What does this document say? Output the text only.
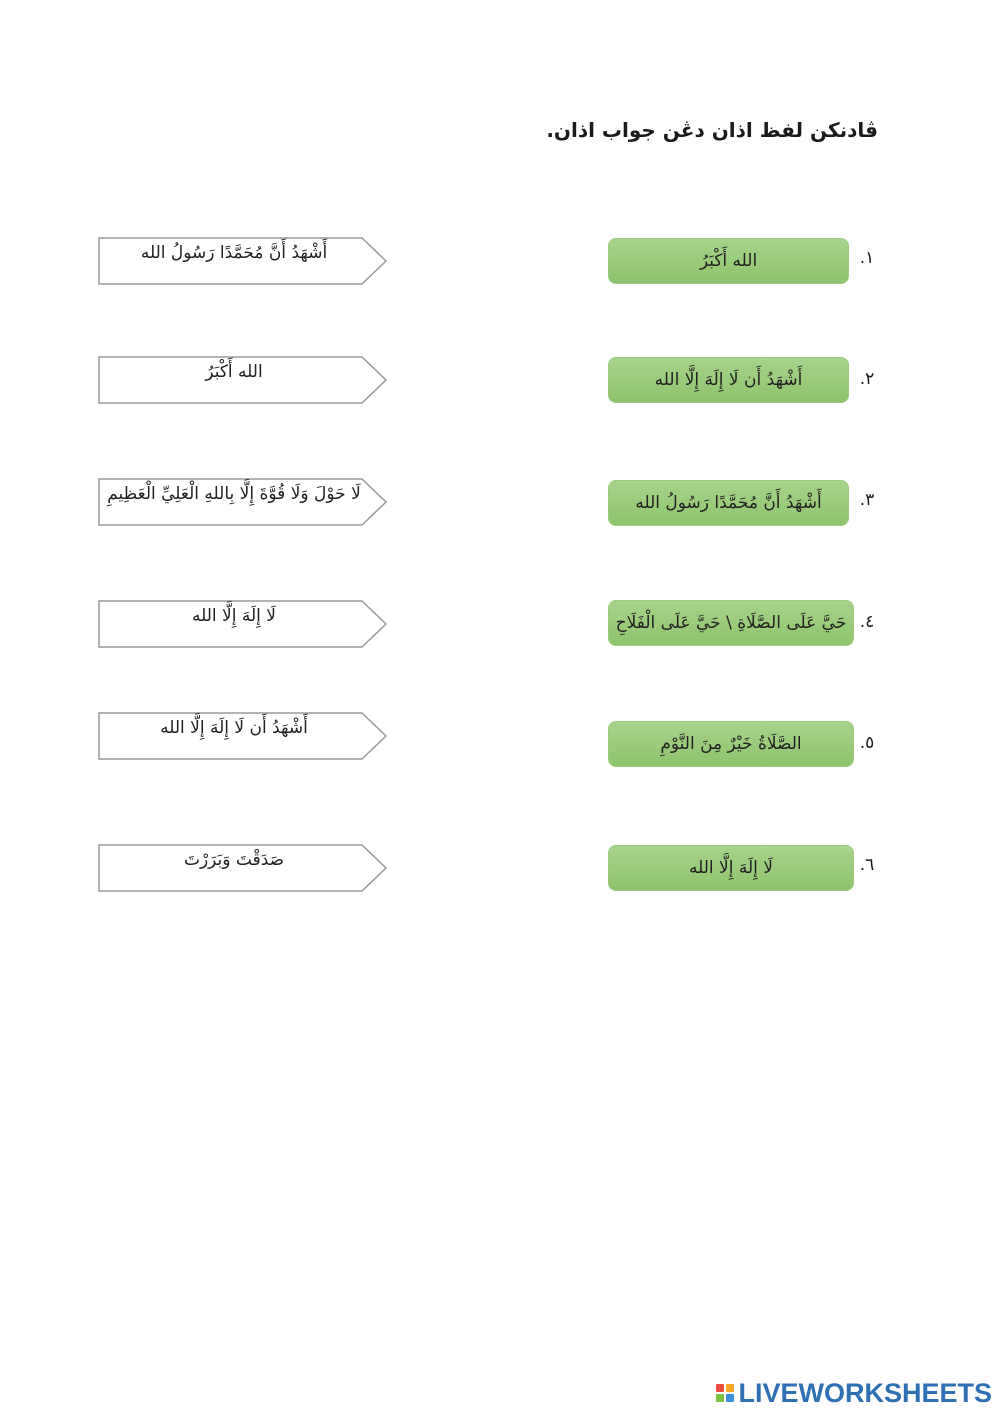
ڤادنكن لفظ اذان دڠن جواب اذان.
١.
الله أَكْبَرُ
أَشْهَدُ أَنَّ مُحَمَّدًا رَسُولُ الله
٢.
أَشْهَدُ أَن لَا إِلَهَ إِلَّا الله
الله أَكْبَرُ
٣.
أَشْهَدُ أَنَّ مُحَمَّدًا رَسُولُ الله
لَا حَوْلَ وَلَا قُوَّةَ إِلَّا بِاللهِ الْعَلِيِّ الْعَظِيمِ
٤.
حَيَّ عَلَى الصَّلَاةِ \ حَيَّ عَلَى الْفَلَاحِ
لَا إِلَهَ إِلَّا الله
٥.
الصَّلَاةُ خَيْرٌ مِنَ النَّوْمِ
أَشْهَدُ أَن لَا إِلَهَ إِلَّا الله
٦.
لَا إِلَهَ إِلَّا الله
صَدَقْتَ وَبَرَرْتَ
LIVEWORKSHEETS
